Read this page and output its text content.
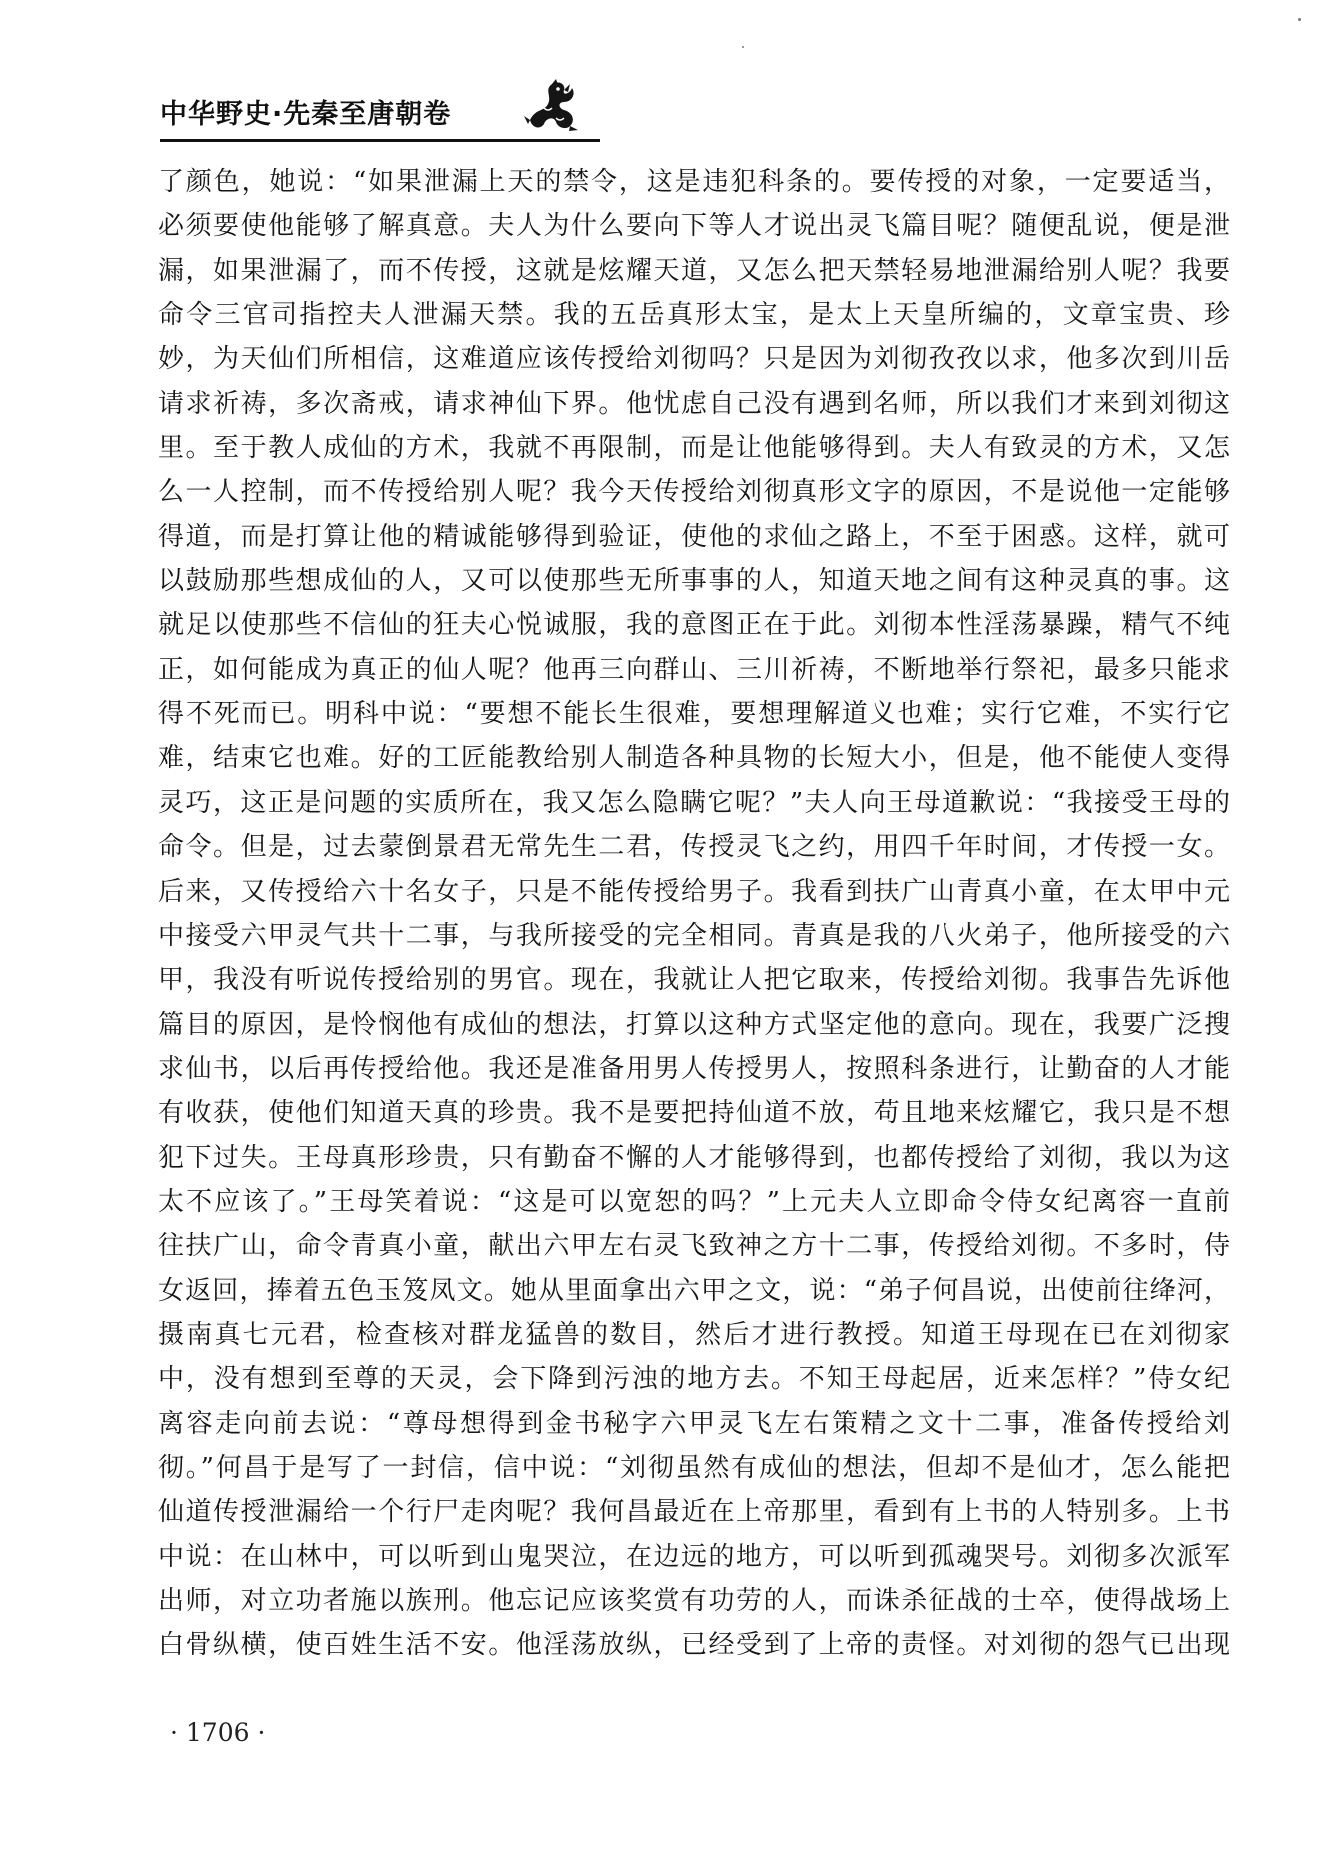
中华野史·先秦至唐朝卷
了颜色，她说：“如果泄漏上天的禁令，这是违犯科条的。要传授的对象，一定要适当，
必须要使他能够了解真意。夫人为什么要向下等人才说出灵飞篇目呢？随便乱说，便是泄
漏，如果泄漏了，而不传授，这就是炫耀天道，又怎么把天禁轻易地泄漏给别人呢？我要
命令三官司指控夫人泄漏天禁。我的五岳真形太宝，是太上天皇所编的，文章宝贵、珍
妙，为天仙们所相信，这难道应该传授给刘彻吗？只是因为刘彻孜孜以求，他多次到川岳
请求祈祷，多次斋戒，请求神仙下界。他忧虑自己没有遇到名师，所以我们才来到刘彻这
里。至于教人成仙的方术，我就不再限制，而是让他能够得到。夫人有致灵的方术，又怎
么一人控制，而不传授给别人呢？我今天传授给刘彻真形文字的原因，不是说他一定能够
得道，而是打算让他的精诚能够得到验证，使他的求仙之路上，不至于困惑。这样，就可
以鼓励那些想成仙的人，又可以使那些无所事事的人，知道天地之间有这种灵真的事。这
就足以使那些不信仙的狂夫心悦诚服，我的意图正在于此。刘彻本性淫荡暴躁，精气不纯
正，如何能成为真正的仙人呢？他再三向群山、三川祈祷，不断地举行祭祀，最多只能求
得不死而已。明科中说：“要想不能长生很难，要想理解道义也难；实行它难，不实行它
难，结束它也难。好的工匠能教给别人制造各种具物的长短大小，但是，他不能使人变得
灵巧，这正是问题的实质所在，我又怎么隐瞒它呢？”夫人向王母道歉说：“我接受王母的
命令。但是，过去蒙倒景君无常先生二君，传授灵飞之约，用四千年时间，才传授一女。
后来，又传授给六十名女子，只是不能传授给男子。我看到扶广山青真小童，在太甲中元
中接受六甲灵气共十二事，与我所接受的完全相同。青真是我的八火弟子，他所接受的六
甲，我没有听说传授给别的男官。现在，我就让人把它取来，传授给刘彻。我事告先诉他
篇目的原因，是怜悯他有成仙的想法，打算以这种方式坚定他的意向。现在，我要广泛搜
求仙书，以后再传授给他。我还是准备用男人传授男人，按照科条进行，让勤奋的人才能
有收获，使他们知道天真的珍贵。我不是要把持仙道不放，苟且地来炫耀它，我只是不想
犯下过失。王母真形珍贵，只有勤奋不懈的人才能够得到，也都传授给了刘彻，我以为这
太不应该了。”王母笑着说：“这是可以宽恕的吗？”上元夫人立即命令侍女纪离容一直前
往扶广山，命令青真小童，献出六甲左右灵飞致神之方十二事，传授给刘彻。不多时，侍
女返回，捧着五色玉笈凤文。她从里面拿出六甲之文，说：“弟子何昌说，出使前往绛河，
摄南真七元君，检查核对群龙猛兽的数目，然后才进行教授。知道王母现在已在刘彻家
中，没有想到至尊的天灵，会下降到污浊的地方去。不知王母起居，近来怎样？”侍女纪
离容走向前去说：“尊母想得到金书秘字六甲灵飞左右策精之文十二事，准备传授给刘
彻。”何昌于是写了一封信，信中说：“刘彻虽然有成仙的想法，但却不是仙才，怎么能把
仙道传授泄漏给一个行尸走肉呢？我何昌最近在上帝那里，看到有上书的人特别多。上书
中说：在山林中，可以听到山鬼哭泣，在边远的地方，可以听到孤魂哭号。刘彻多次派军
出师，对立功者施以族刑。他忘记应该奖赏有功劳的人，而诛杀征战的士卒，使得战场上
白骨纵横，使百姓生活不安。他淫荡放纵，已经受到了上帝的责怪。对刘彻的怨气已出现
· 1706 ·
